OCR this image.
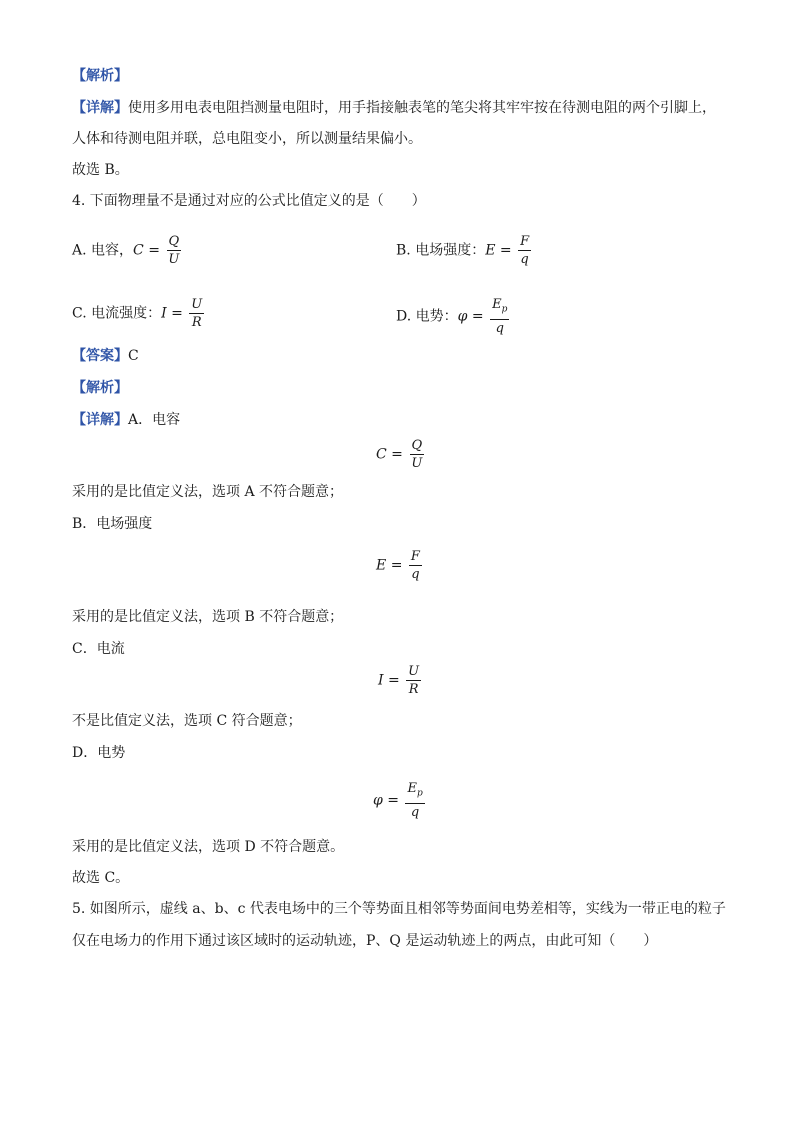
【解析】
【详解】使用多用电表电阻挡测量电阻时，用手指接触表笔的笔尖将其牢牢按在待测电阻的两个引脚上，
人体和待测电阻并联，总电阻变小，所以测量结果偏小。
故选 B。
4. 下面物理量不是通过对应的公式比值定义的是（　　）
A. 电容，$C = \frac{Q}{U}$	B. 电场强度：$E = \frac{F}{q}$
C. 电流强度：$I = \frac{U}{R}$	D. 电势：$\varphi = \frac{E_p}{q}$
【答案】C
【解析】
【详解】A．电容
$C = \frac{Q}{U}$
采用的是比值定义法，选项 A 不符合题意；
B．电场强度
$E = \frac{F}{q}$
采用的是比值定义法，选项 B 不符合题意；
C．电流
$I = \frac{U}{R}$
不是比值定义法，选项 C 符合题意；
D．电势
$\varphi = \frac{E_p}{q}$
采用的是比值定义法，选项 D 不符合题意。
故选 C。
5. 如图所示，虚线 a、b、c 代表电场中的三个等势面且相邻等势面间电势差相等，实线为一带正电的粒子
仅在电场力的作用下通过该区域时的运动轨迹，P、Q 是运动轨迹上的两点，由此可知（　　）
